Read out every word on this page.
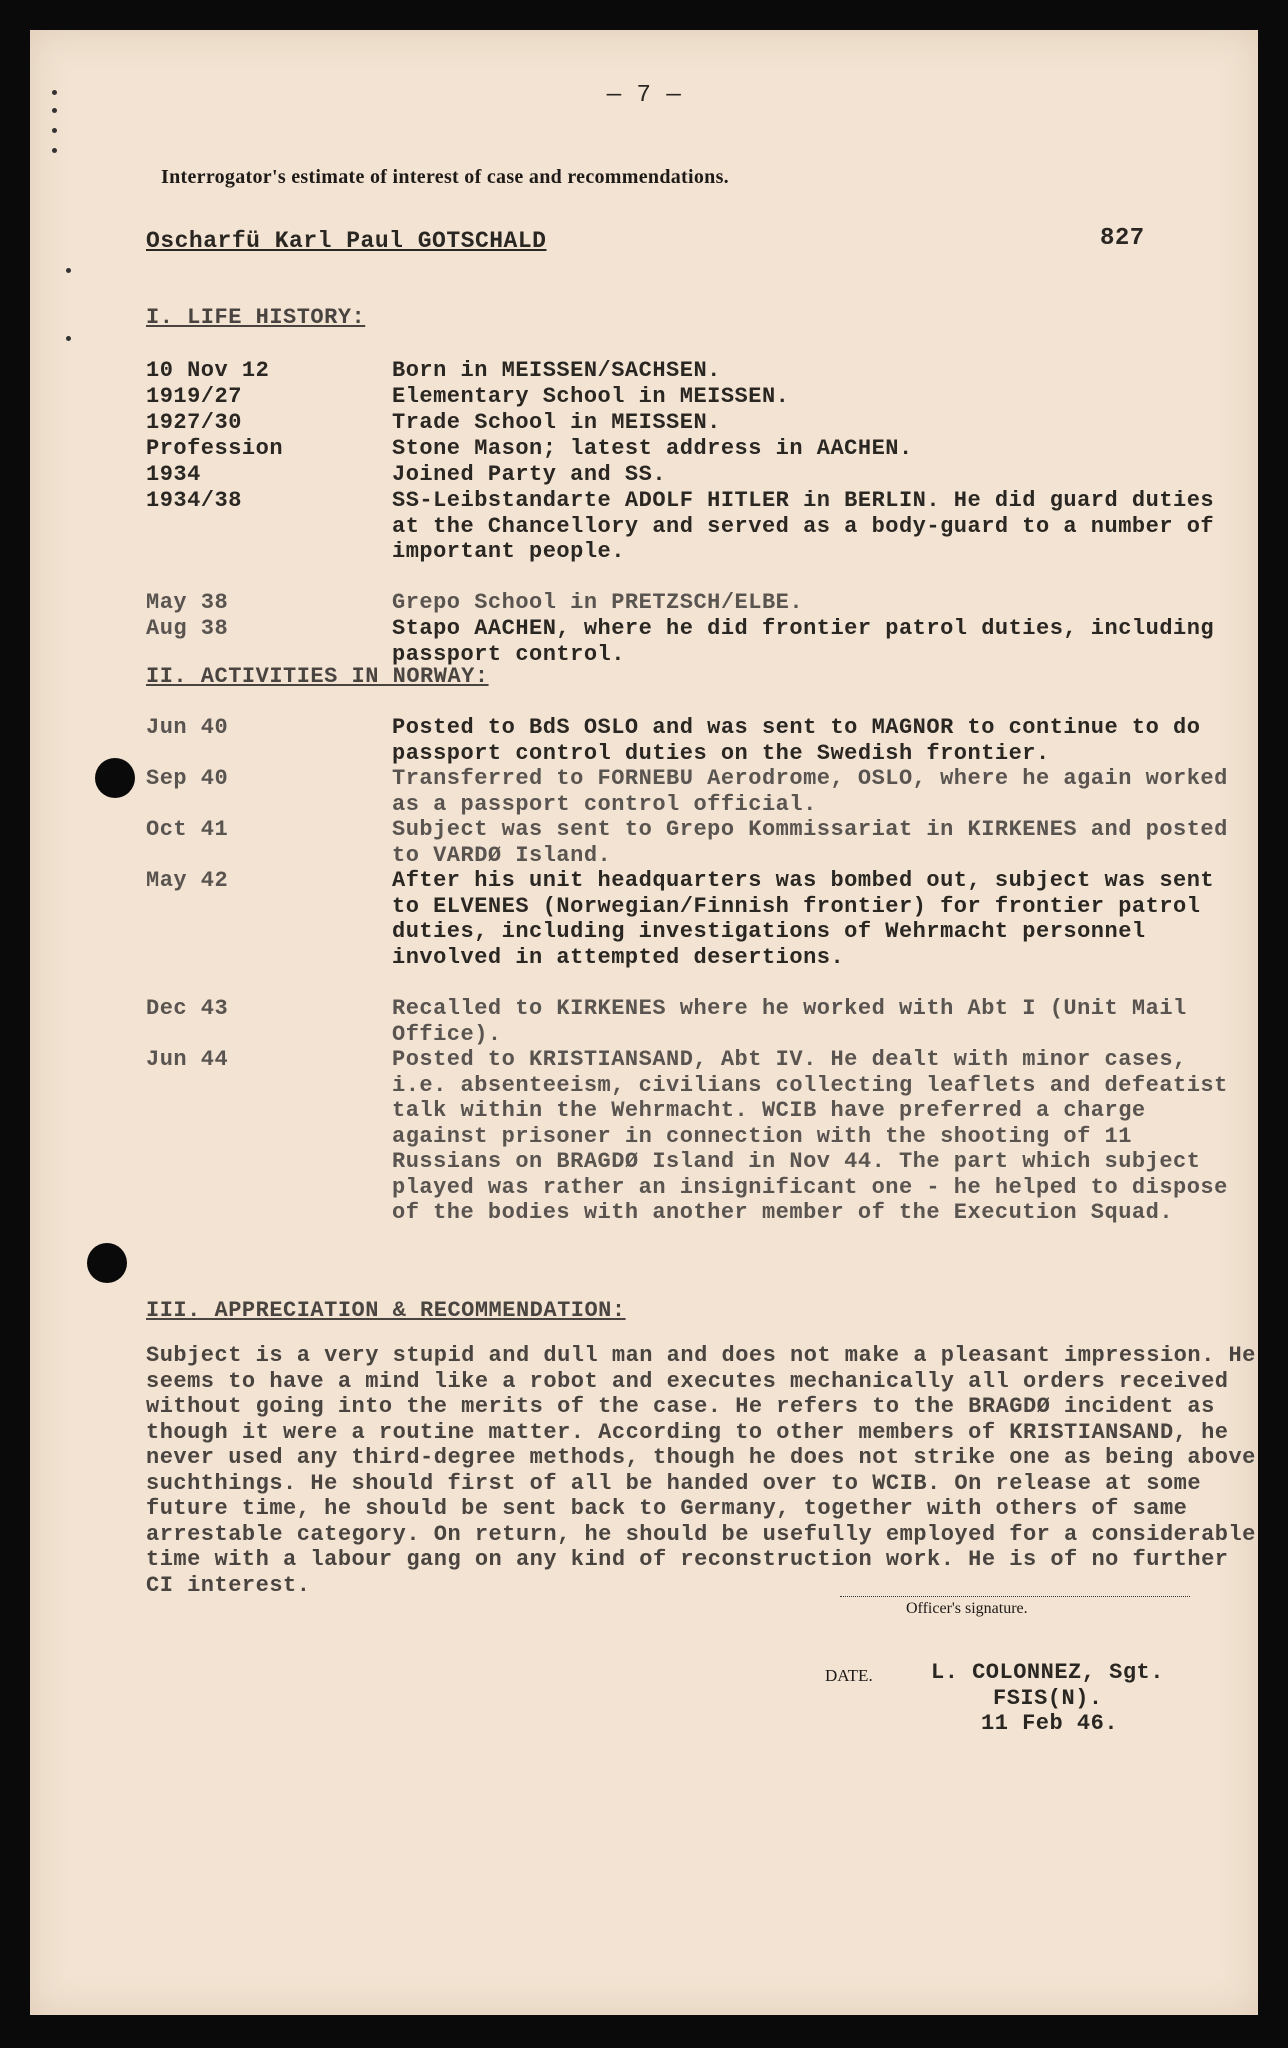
— 7 —
Interrogator's estimate of interest of case and recommendations.
Oscharfü Karl Paul GOTSCHALD	827
I. LIFE HISTORY:
10 Nov 12	Born in MEISSEN/SACHSEN.
1919/27	Elementary School in MEISSEN.
1927/30	Trade School in MEISSEN.
Profession	Stone Mason; latest address in AACHEN.
1934	Joined Party and SS.
1934/38	SS-Leibstandarte ADOLF HITLER in BERLIN. He did guard duties at the Chancellory and served as a body-guard to a number of important people.
May 38	Grepo School in PRETZSCH/ELBE.
Aug 38	Stapo AACHEN, where he did frontier patrol duties, including passport control.
II. ACTIVITIES IN NORWAY:
Jun 40	Posted to BdS OSLO and was sent to MAGNOR to continue to do passport control duties on the Swedish frontier.
Sep 40	Transferred to FORNEBU Aerodrome, OSLO, where he again worked as a passport control official.
Oct 41	Subject was sent to Grepo Kommissariat in KIRKENES and posted to VARDØ Island.
May 42	After his unit headquarters was bombed out, subject was sent to ELVENES (Norwegian/Finnish frontier) for frontier patrol duties, including investigations of Wehrmacht personnel involved in attempted desertions.
Dec 43	Recalled to KIRKENES where he worked with Abt I (Unit Mail Office).
Jun 44	Posted to KRISTIANSAND, Abt IV. He dealt with minor cases, i.e. absenteeism, civilians collecting leaflets and defeatist talk within the Wehrmacht. WCIB have preferred a charge against prisoner in connection with the shooting of 11 Russians on BRAGDØ Island in Nov 44. The part which subject played was rather an insignificant one - he helped to dispose of the bodies with another member of the Execution Squad.
III. APPRECIATION & RECOMMENDATION:
Subject is a very stupid and dull man and does not make a pleasant impression. He seems to have a mind like a robot and executes mechanically all orders received without going into the merits of the case. He refers to the BRAGDØ incident as though it were a routine matter. According to other members of KRISTIANSAND, he never used any third-degree methods, though he does not strike one as being above suchthings. He should first of all be handed over to WCIB. On release at some future time, he should be sent back to Germany, together with others of same arrestable category. On return, he should be usefully employed for a considerable time with a labour gang on any kind of reconstruction work. He is of no further CI interest.
Officer's signature.
DATE.	L. COLONNEZ, Sgt.
FSIS(N).
11 Feb 46.
